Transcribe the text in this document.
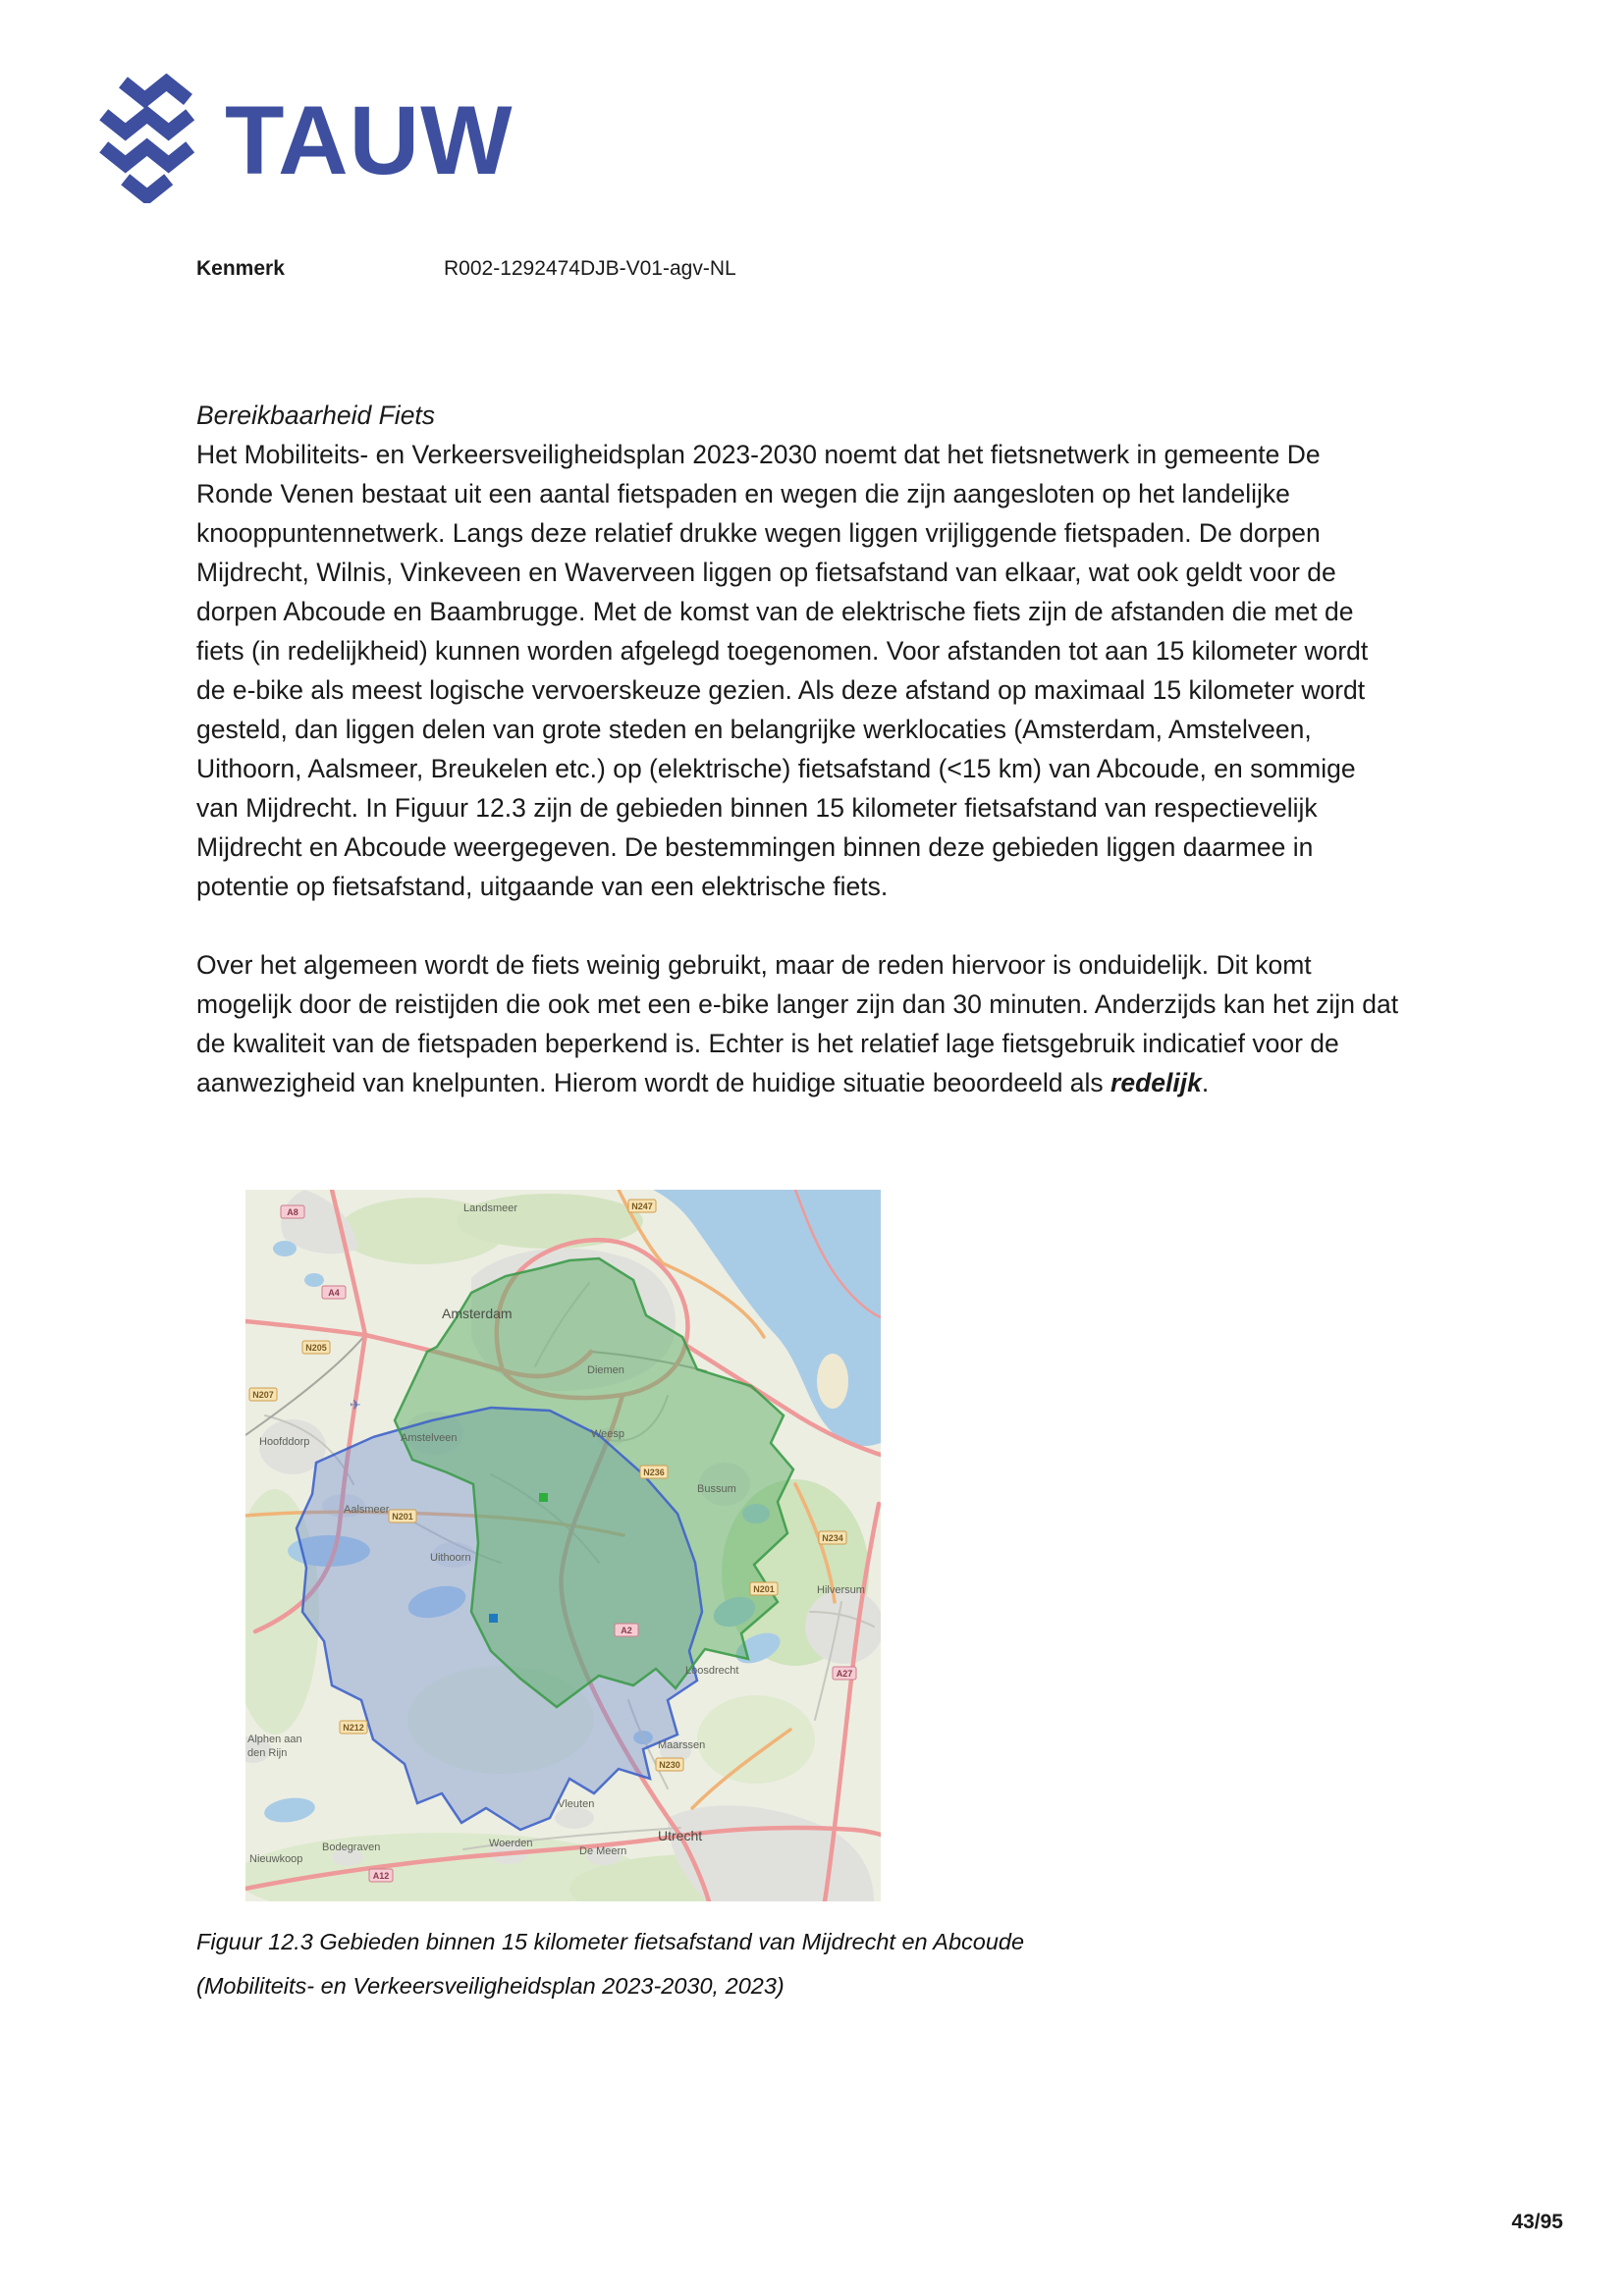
TAUW
Kenmerk	R002-1292474DJB-V01-agv-NL

Bereikbaarheid Fiets

Het Mobiliteits- en Verkeersveiligheidsplan 2023-2030 noemt dat het fietsnetwerk in gemeente De Ronde Venen bestaat uit een aantal fietspaden en wegen die zijn aangesloten op het landelijke knooppuntennetwerk. Langs deze relatief drukke wegen liggen vrijliggende fietspaden. De dorpen Mijdrecht, Wilnis, Vinkeveen en Waverveen liggen op fietsafstand van elkaar, wat ook geldt voor de dorpen Abcoude en Baambrugge. Met de komst van de elektrische fiets zijn de afstanden die met de fiets (in redelijkheid) kunnen worden afgelegd toegenomen. Voor afstanden tot aan 15 kilometer wordt de e-bike als meest logische vervoerskeuze gezien. Als deze afstand op maximaal 15 kilometer wordt gesteld, dan liggen delen van grote steden en belangrijke werklocaties (Amsterdam, Amstelveen, Uithoorn, Aalsmeer, Breukelen etc.) op (elektrische) fietsafstand (<15 km) van Abcoude, en sommige van Mijdrecht. In Figuur 12.3 zijn de gebieden binnen 15 kilometer fietsafstand van respectievelijk Mijdrecht en Abcoude weergegeven. De bestemmingen binnen deze gebieden liggen daarmee in potentie op fietsafstand, uitgaande van een elektrische fiets.

Over het algemeen wordt de fiets weinig gebruikt, maar de reden hiervoor is onduidelijk. Dit komt mogelijk door de reistijden die ook met een e-bike langer zijn dan 30 minuten. Anderzijds kan het zijn dat de kwaliteit van de fietspaden beperkend is. Echter is het relatief lage fietsgebruik indicatief voor de aanwezigheid van knelpunten. Hierom wordt de huidige situatie beoordeeld als redelijk.

✈
Landsmeer
Amsterdam
Diemen
Weesp
Bussum
Hilversum
Hoofddorp	Amstelveen
Aalsmeer
Uithoorn
Loosdrecht
Maarssen
Vleuten
De Meern
Utrecht
Woerden
Bodegraven
Nieuwkoop
Alphen aan
den Rijn
A8
A4
N205
N207
N247
N236
N201
N201
A2
A27
N230
N212
A12
N234
Figuur 12.3 Gebieden binnen 15 kilometer fietsafstand van Mijdrecht en Abcoude
(Mobiliteits- en Verkeersveiligheidsplan 2023-2030, 2023)
43/95
